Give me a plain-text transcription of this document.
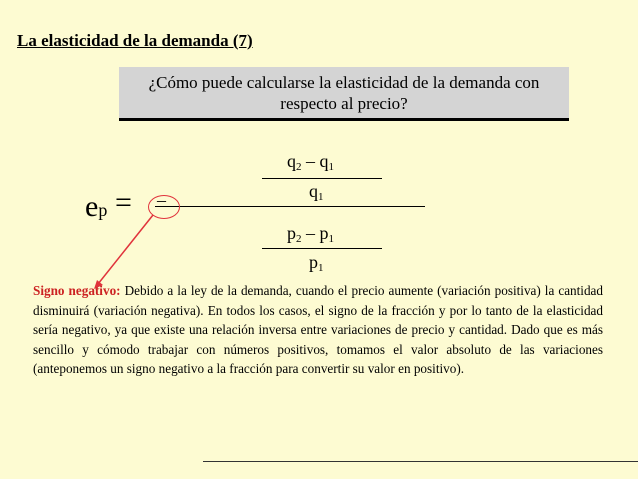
La elasticidad de la demanda (7)
¿Cómo puede calcularse la elasticidad de la demanda con respecto al precio?
$q_2 - q_1$
$q_1$
$p_2 - p_1$
$p_1$
ep = –
Signo negativo: Debido a la ley de la demanda, cuando el precio aumente (variación positiva) la cantidad disminuirá (variación negativa). En todos los casos, el signo de la fracción y por lo tanto de la elasticidad sería negativo, ya que existe una relación inversa entre variaciones de precio y cantidad. Dado que es más sencillo y cómodo trabajar con números positivos, tomamos el valor absoluto de las variaciones (anteponemos un signo negativo a la fracción para convertir su valor en positivo).
